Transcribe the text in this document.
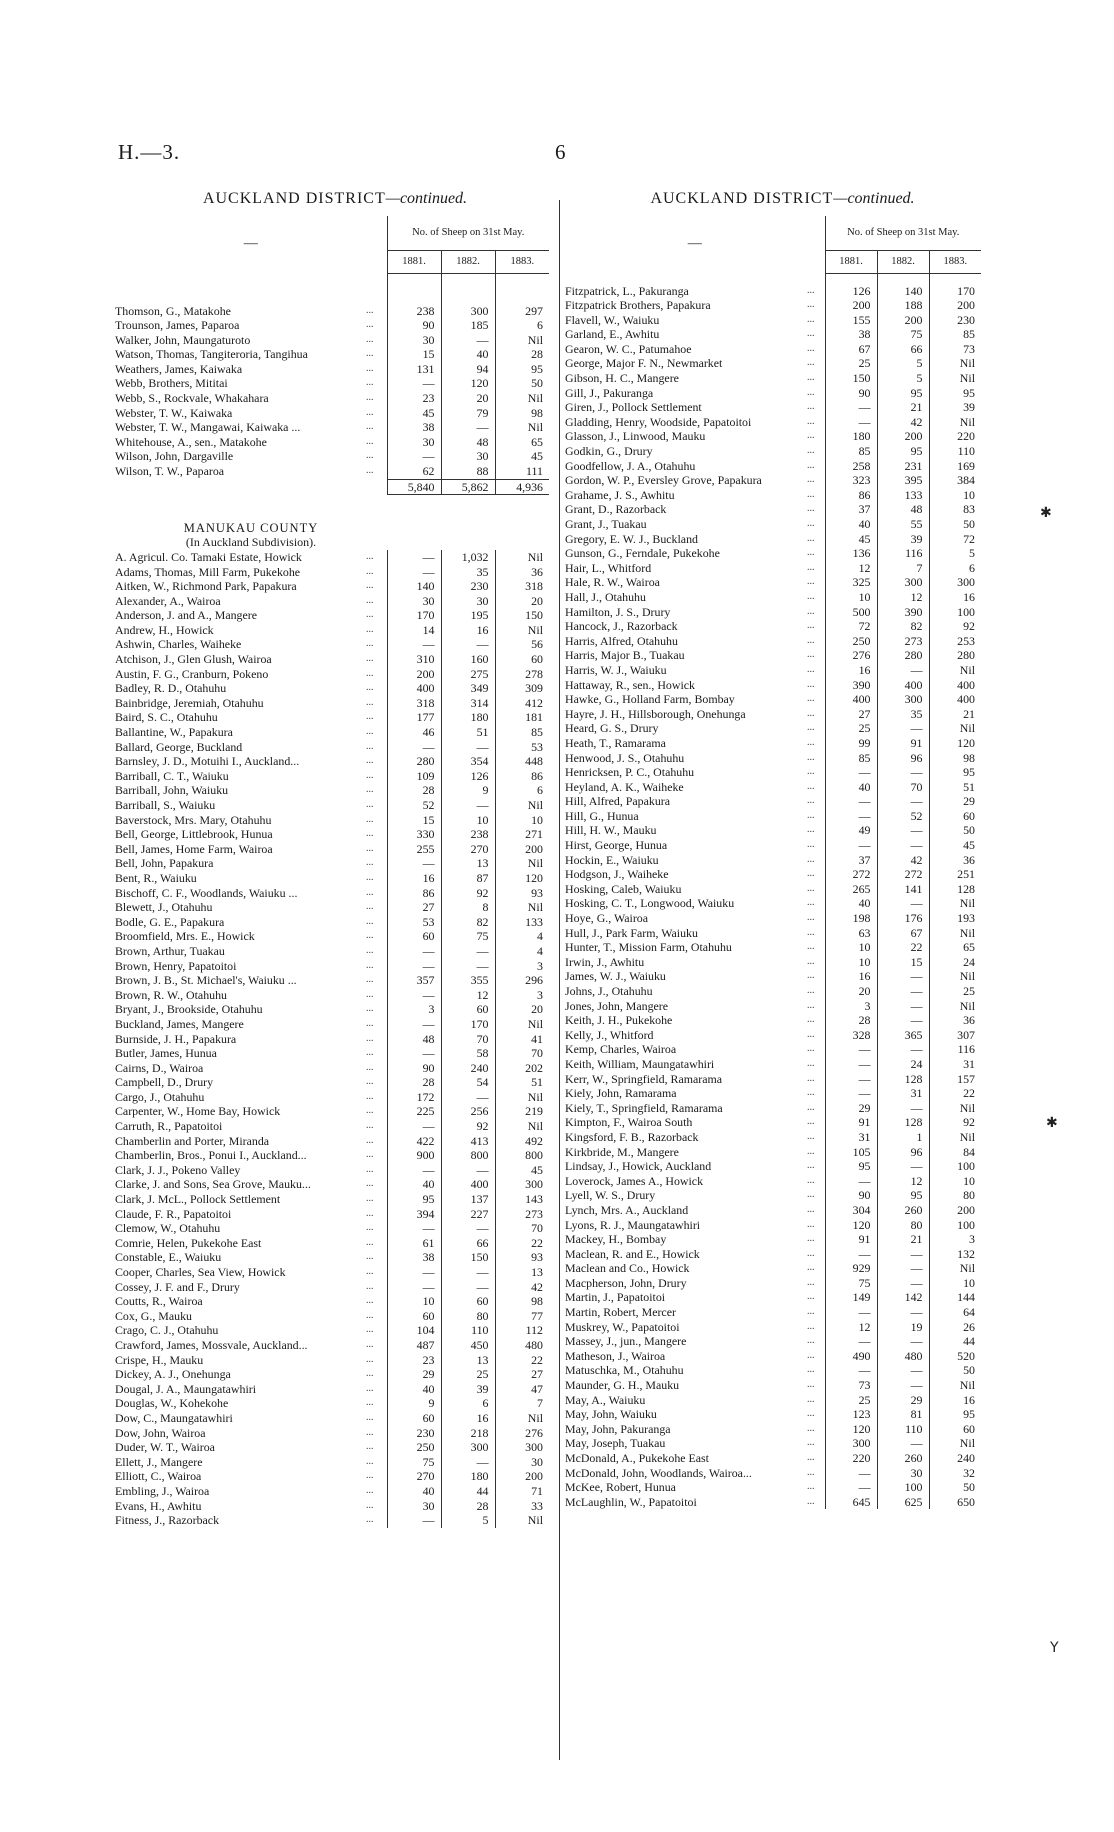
H.—3.	6
AUCKLAND DISTRICT—continued.
—		No. of Sheep on 31st May.		
		1881.	1882.	1883.

Thomson, G., Matakohe	...	238	300	297
Trounson, James, Paparoa	...	90	185	6
Walker, John, Maungaturoto	...	30	—	Nil
Watson, Thomas, Tangiteroria, Tangihua	...	15	40	28
Weathers, James, Kaiwaka	...	131	94	95
Webb, Brothers, Mititai	...	—	120	50
Webb, S., Rockvale, Whakahara	...	23	20	Nil
Webster, T. W., Kaiwaka	...	45	79	98
Webster, T. W., Mangawai, Kaiwaka ...	...	38	—	Nil
Whitehouse, A., sen., Matakohe	...	30	48	65
Wilson, John, Dargaville	...	—	30	45
Wilson, T. W., Paparoa	...	62	88	111
		5,840	5,862	4,936
MANUKAU COUNTY				
(In Auckland Subdivision).				
A. Agricul. Co. Tamaki Estate, Howick	...	—	1,032	Nil
Adams, Thomas, Mill Farm, Pukekohe	...	—	35	36
Aitken, W., Richmond Park, Papakura	...	140	230	318
Alexander, A., Wairoa	...	30	30	20
Anderson, J. and A., Mangere	...	170	195	150
Andrew, H., Howick	...	14	16	Nil
Ashwin, Charles, Waiheke	...	—	—	56
Atchison, J., Glen Glush, Wairoa	...	310	160	60
Austin, F. G., Cranburn, Pokeno	...	200	275	278
Badley, R. D., Otahuhu	...	400	349	309
Bainbridge, Jeremiah, Otahuhu	...	318	314	412
Baird, S. C., Otahuhu	...	177	180	181
Ballantine, W., Papakura	...	46	51	85
Ballard, George, Buckland	...	—	—	53
Barnsley, J. D., Motuihi I., Auckland...	...	280	354	448
Barriball, C. T., Waiuku	...	109	126	86
Barriball, John, Waiuku	...	28	9	6
Barriball, S., Waiuku	...	52	—	Nil
Baverstock, Mrs. Mary, Otahuhu	...	15	10	10
Bell, George, Littlebrook, Hunua	...	330	238	271
Bell, James, Home Farm, Wairoa	...	255	270	200
Bell, John, Papakura	...	—	13	Nil
Bent, R., Waiuku	...	16	87	120
Bischoff, C. F., Woodlands, Waiuku ...	...	86	92	93
Blewett, J., Otahuhu	...	27	8	Nil
Bodle, G. E., Papakura	...	53	82	133
Broomfield, Mrs. E., Howick	...	60	75	4
Brown, Arthur, Tuakau	...	—	—	4
Brown, Henry, Papatoitoi	...	—	—	3
Brown, J. B., St. Michael's, Waiuku ...	...	357	355	296
Brown, R. W., Otahuhu	...	—	12	3
Bryant, J., Brookside, Otahuhu	...	3	60	20
Buckland, James, Mangere	...	—	170	Nil
Burnside, J. H., Papakura	...	48	70	41
Butler, James, Hunua	...	—	58	70
Cairns, D., Wairoa	...	90	240	202
Campbell, D., Drury	...	28	54	51
Cargo, J., Otahuhu	...	172	—	Nil
Carpenter, W., Home Bay, Howick	...	225	256	219
Carruth, R., Papatoitoi	...	—	92	Nil
Chamberlin and Porter, Miranda	...	422	413	492
Chamberlin, Bros., Ponui I., Auckland...	...	900	800	800
Clark, J. J., Pokeno Valley	...	—	—	45
Clarke, J. and Sons, Sea Grove, Mauku...	...	40	400	300
Clark, J. McL., Pollock Settlement	...	95	137	143
Claude, F. R., Papatoitoi	...	394	227	273
Clemow, W., Otahuhu	...	—	—	70
Comrie, Helen, Pukekohe East	...	61	66	22
Constable, E., Waiuku	...	38	150	93
Cooper, Charles, Sea View, Howick	...	—	—	13
Cossey, J. F. and F., Drury	...	—	—	42
Coutts, R., Wairoa	...	10	60	98
Cox, G., Mauku	...	60	80	77
Crago, C. J., Otahuhu	...	104	110	112
Crawford, James, Mossvale, Auckland...	...	487	450	480
Crispe, H., Mauku	...	23	13	22
Dickey, A. J., Onehunga	...	29	25	27
Dougal, J. A., Maungatawhiri	...	40	39	47
Douglas, W., Kohekohe	...	9	6	7
Dow, C., Maungatawhiri	...	60	16	Nil
Dow, John, Wairoa	...	230	218	276
Duder, W. T., Wairoa	...	250	300	300
Ellett, J., Mangere	...	75	—	30
Elliott, C., Wairoa	...	270	180	200
Embling, J., Wairoa	...	40	44	71
Evans, H., Awhitu	...	30	28	33
Fitness, J., Razorback	...	—	5	Nil
AUCKLAND DISTRICT—continued.
—		No. of Sheep on 31st May.		
		1881.	1882.	1883.

Fitzpatrick, L., Pakuranga	...	126	140	170
Fitzpatrick Brothers, Papakura	...	200	188	200
Flavell, W., Waiuku	...	155	200	230
Garland, E., Awhitu	...	38	75	85
Gearon, W. C., Patumahoe	...	67	66	73
George, Major F. N., Newmarket	...	25	5	Nil
Gibson, H. C., Mangere	...	150	5	Nil
Gill, J., Pakuranga	...	90	95	95
Giren, J., Pollock Settlement	...	—	21	39
Gladding, Henry, Woodside, Papatoitoi	...	—	42	Nil
Glasson, J., Linwood, Mauku	...	180	200	220
Godkin, G., Drury	...	85	95	110
Goodfellow, J. A., Otahuhu	...	258	231	169
Gordon, W. P., Eversley Grove, Papakura	...	323	395	384
Grahame, J. S., Awhitu	...	86	133	10
Grant, D., Razorback	...	37	48	83
Grant, J., Tuakau	...	40	55	50
Gregory, E. W. J., Buckland	...	45	39	72
Gunson, G., Ferndale, Pukekohe	...	136	116	5
Hair, L., Whitford	...	12	7	6
Hale, R. W., Wairoa	...	325	300	300
Hall, J., Otahuhu	...	10	12	16
Hamilton, J. S., Drury	...	500	390	100
Hancock, J., Razorback	...	72	82	92
Harris, Alfred, Otahuhu	...	250	273	253
Harris, Major B., Tuakau	...	276	280	280
Harris, W. J., Waiuku	...	16	—	Nil
Hattaway, R., sen., Howick	...	390	400	400
Hawke, G., Holland Farm, Bombay	...	400	300	400
Hayre, J. H., Hillsborough, Onehunga	...	27	35	21
Heard, G. S., Drury	...	25	—	Nil
Heath, T., Ramarama	...	99	91	120
Henwood, J. S., Otahuhu	...	85	96	98
Henricksen, P. C., Otahuhu	...	—	—	95
Heyland, A. K., Waiheke	...	40	70	51
Hill, Alfred, Papakura	...	—	—	29
Hill, G., Hunua	...	—	52	60
Hill, H. W., Mauku	...	49	—	50
Hirst, George, Hunua	...	—	—	45
Hockin, E., Waiuku	...	37	42	36
Hodgson, J., Waiheke	...	272	272	251
Hosking, Caleb, Waiuku	...	265	141	128
Hosking, C. T., Longwood, Waiuku	...	40	—	Nil
Hoye, G., Wairoa	...	198	176	193
Hull, J., Park Farm, Waiuku	...	63	67	Nil
Hunter, T., Mission Farm, Otahuhu	...	10	22	65
Irwin, J., Awhitu	...	10	15	24
James, W. J., Waiuku	...	16	—	Nil
Johns, J., Otahuhu	...	20	—	25
Jones, John, Mangere	...	3	—	Nil
Keith, J. H., Pukekohe	...	28	—	36
Kelly, J., Whitford	...	328	365	307
Kemp, Charles, Wairoa	...	—	—	116
Keith, William, Maungatawhiri	...	—	24	31
Kerr, W., Springfield, Ramarama	...	—	128	157
Kiely, John, Ramarama	...	—	31	22
Kiely, T., Springfield, Ramarama	...	29	—	Nil
Kimpton, F., Wairoa South	...	91	128	92
Kingsford, F. B., Razorback	...	31	1	Nil
Kirkbride, M., Mangere	...	105	96	84
Lindsay, J., Howick, Auckland	...	95	—	100
Loverock, James A., Howick	...	—	12	10
Lyell, W. S., Drury	...	90	95	80
Lynch, Mrs. A., Auckland	...	304	260	200
Lyons, R. J., Maungatawhiri	...	120	80	100
Mackey, H., Bombay	...	91	21	3
Maclean, R. and E., Howick	...	—	—	132
Maclean and Co., Howick	...	929	—	Nil
Macpherson, John, Drury	...	75	—	10
Martin, J., Papatoitoi	...	149	142	144
Martin, Robert, Mercer	...	—	—	64
Muskrey, W., Papatoitoi	...	12	19	26
Massey, J., jun., Mangere	...	—	—	44
Matheson, J., Wairoa	...	490	480	520
Matuschka, M., Otahuhu	...	—	—	50
Maunder, G. H., Mauku	...	73	—	Nil
May, A., Waiuku	...	25	29	16
May, John, Waiuku	...	123	81	95
May, John, Pakuranga	...	120	110	60
May, Joseph, Tuakau	...	300	—	Nil
McDonald, A., Pukekohe East	...	220	260	240
McDonald, John, Woodlands, Wairoa...	...	—	30	32
McKee, Robert, Hunua	...	—	100	50
McLaughlin, W., Papatoitoi	...	645	625	650
✱
✱
Y
